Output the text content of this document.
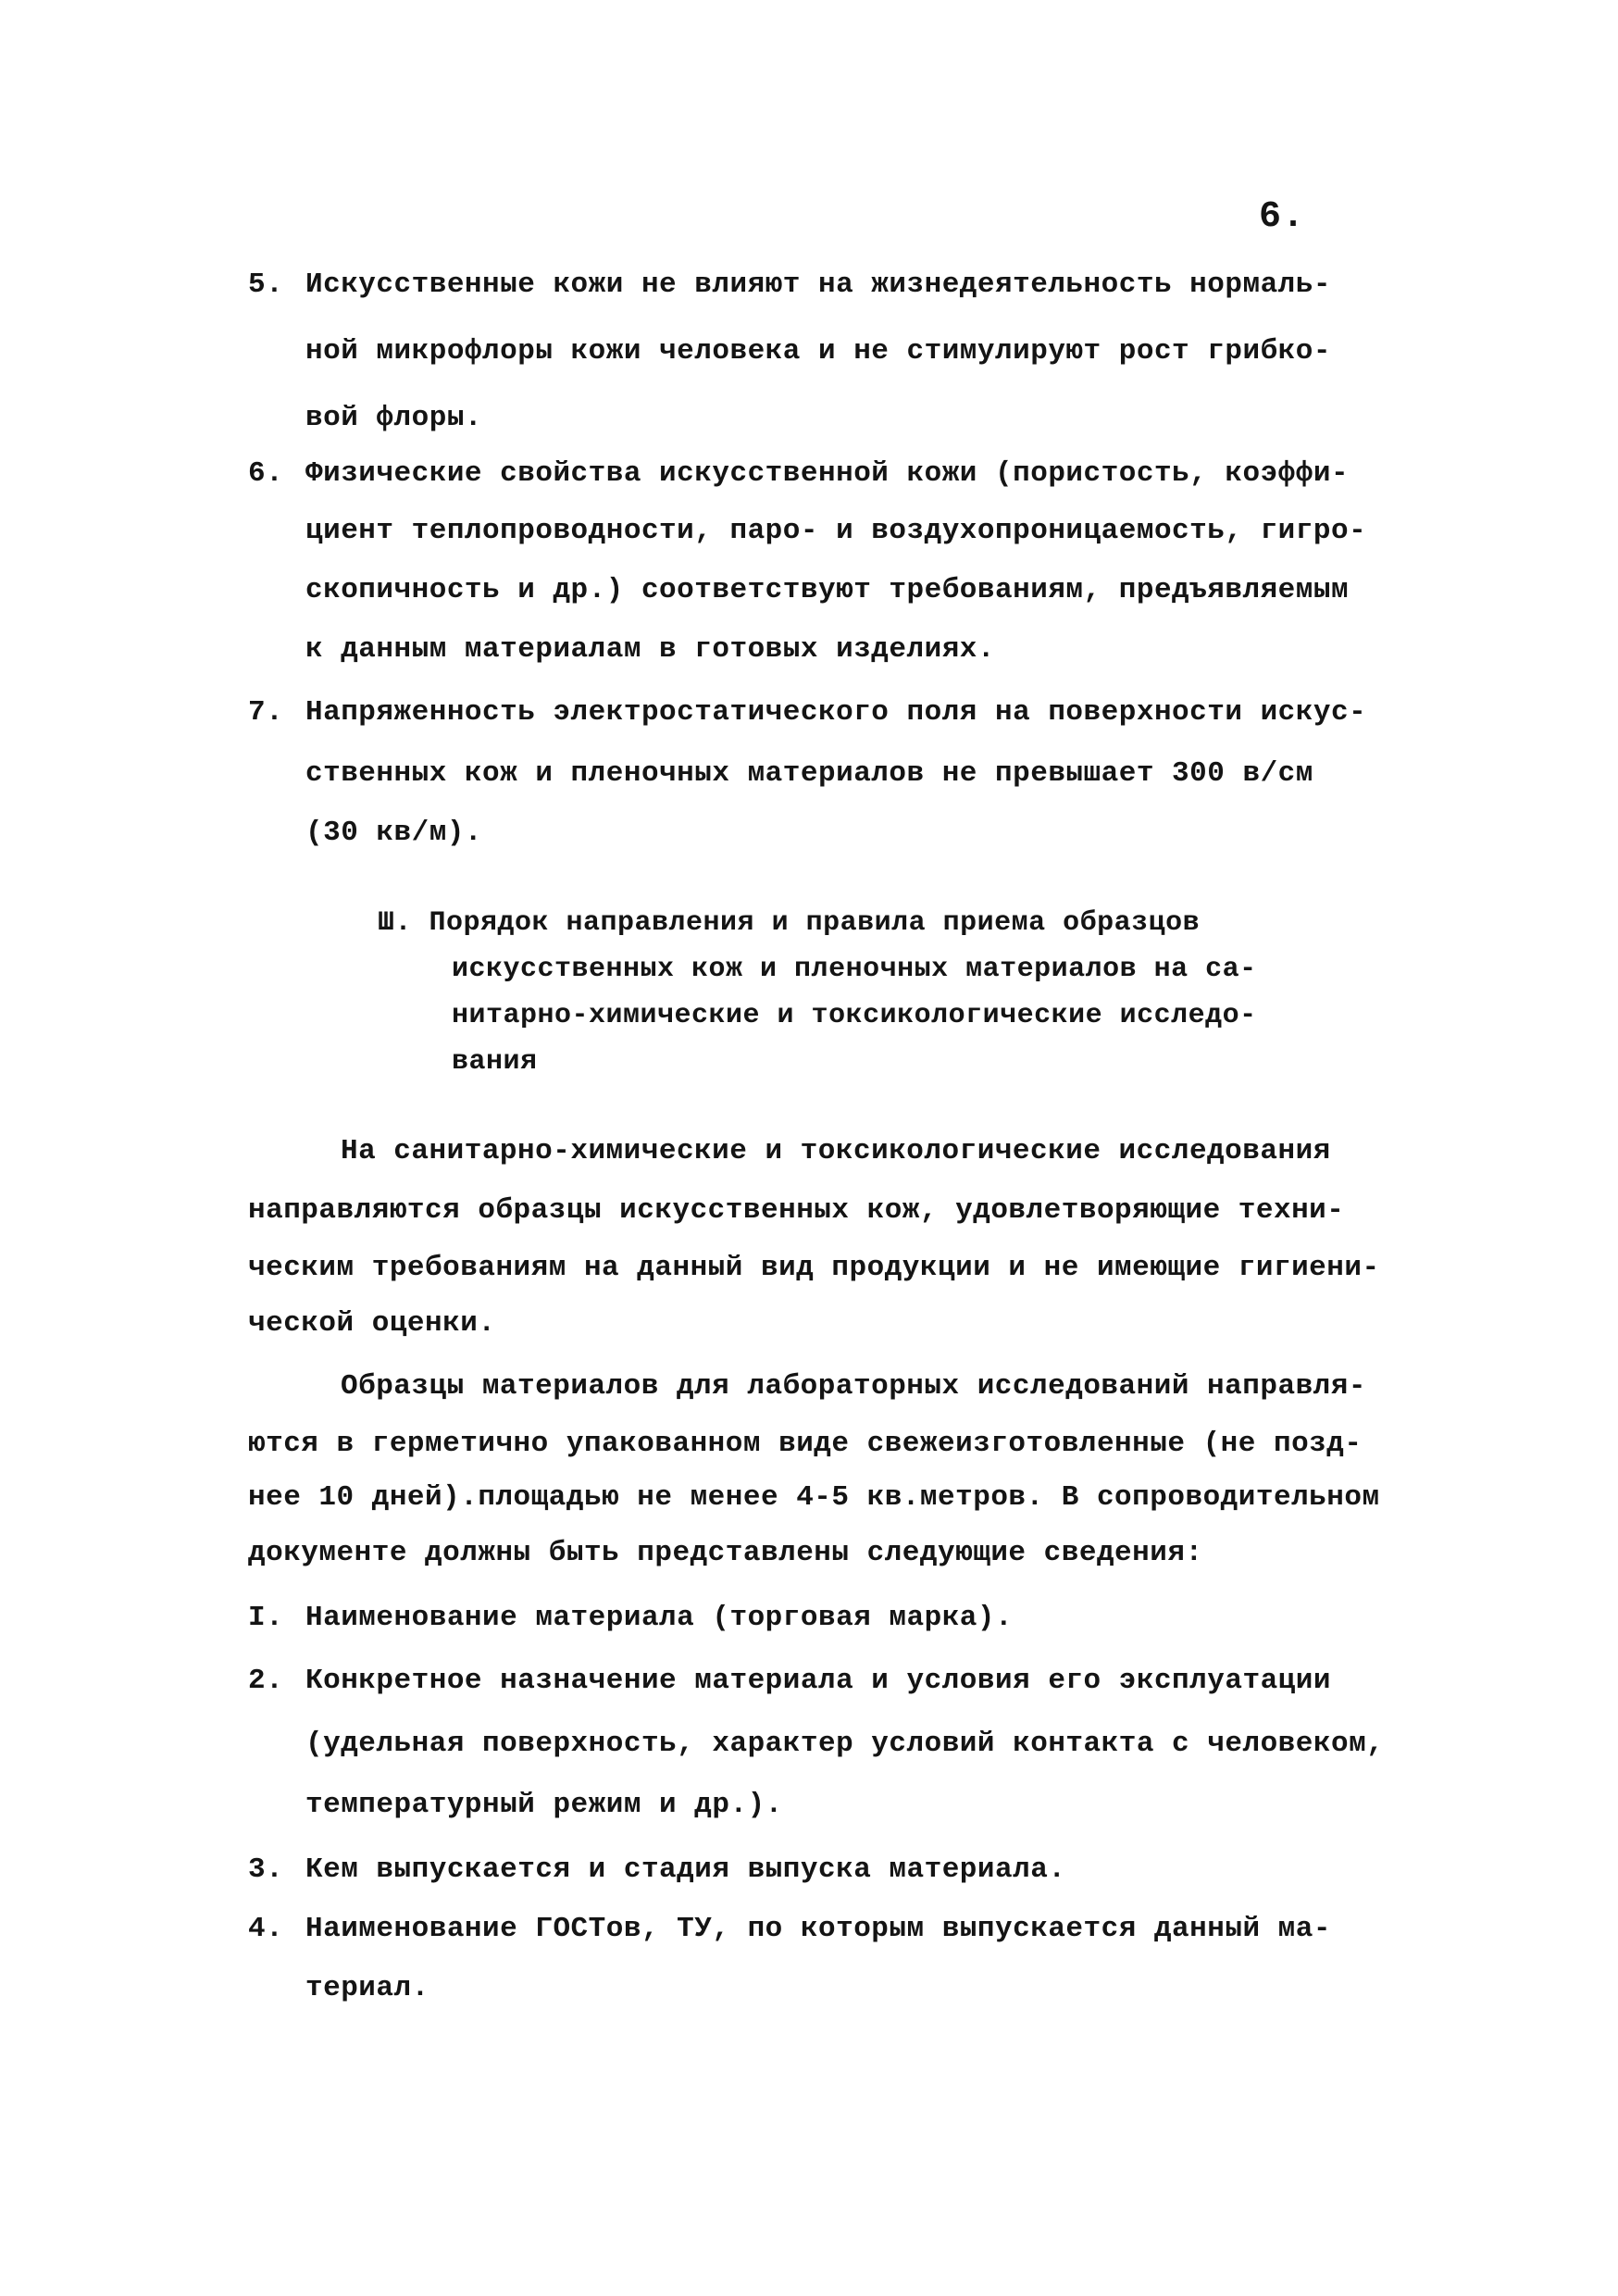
6.
5. Искусственные кожи не влияют на жизнедеятельность нормаль-
ной микрофлоры кожи человека и не стимулируют рост грибко-
вой флоры.
6. Физические свойства искусственной кожи (пористость, коэффи-
циент теплопроводности, паро- и воздухопроницаемость, гигро-
скопичность и др.) соответствуют требованиям, предъявляемым
к данным материалам в готовых изделиях.
7. Напряженность электростатического поля на поверхности искус-
ственных кож и пленочных материалов не превышает 300 в/см
(30 кв/м).
Ш. Порядок направления и правила приема образцов
искусственных кож и пленочных материалов на са-
нитарно-химические и токсикологические исследо-
вания
На санитарно-химические и токсикологические исследования
направляются образцы искусственных кож, удовлетворяющие техни-
ческим требованиям на данный вид продукции и не имеющие гигиени-
ческой оценки.
Образцы материалов для лабораторных исследований направля-
ются в герметично упакованном виде свежеизготовленные (не позд-
нее 10 дней).площадью не менее 4-5 кв.метров. В сопроводительном
документе должны быть представлены следующие сведения:
I. Наименование материала (торговая марка).
2. Конкретное назначение материала и условия его эксплуатации
(удельная поверхность, характер условий контакта с человеком,
температурный режим и др.).
3. Кем выпускается и стадия выпуска материала.
4. Наименование ГОСТов, ТУ, по которым выпускается данный ма-
териал.
